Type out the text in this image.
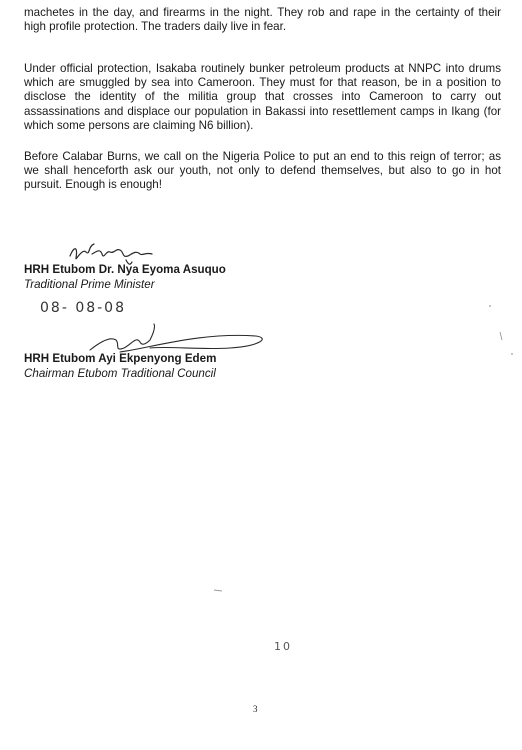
machetes in the day, and firearms in the night. They rob and rape in the certainty of their high profile protection. The traders daily live in fear.

Under official protection, Isakaba routinely bunker petroleum products at NNPC into drums which are smuggled by sea into Cameroon. They must for that reason, be in a position to disclose the identity of the militia group that crosses into Cameroon to carry out assassinations and displace our population in Bakassi into resettlement camps in Ikang (for which some persons are claiming N6 billion).

Before Calabar Burns, we call on the Nigeria Police to put an end to this reign of terror; as we shall henceforth ask our youth, not only to defend themselves, but also to go in hot pursuit. Enough is enough!

HRH Etubom Dr. Nya Eyoma Asuquo
Traditional Prime Minister
08- 08-08
HRH Etubom Ayi Ekpenyong Edem
Chairman Etubom Traditional Council
10
3
